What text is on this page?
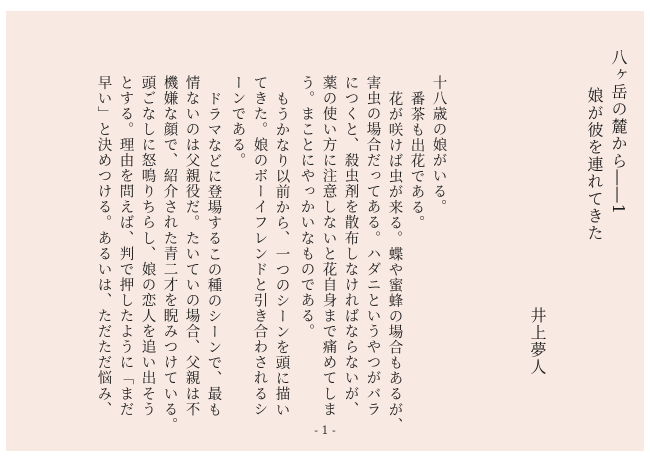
八ヶ岳の麓から――1
娘が彼を連れてきた
井上夢人
十八歳の娘がいる。
番茶も出花である。
花が咲けば虫が来る。蝶や蜜蜂の場合もあるが、
害虫の場合だってある。ハダニというやつがバラ
につくと、殺虫剤を散布しなければならないが、
薬の使い方に注意しないと花自身まで痛めてしま
う。まことにやっかいなものである。
もうかなり以前から、一つのシーンを頭に描い
てきた。娘のボーイフレンドと引き合わされるシ
ーンである。
ドラマなどに登場するこの種のシーンで、最も
情ないのは父親役だ。たいていの場合、父親は不
機嫌な顔で、紹介された青二才を睨みつけている。
頭ごなしに怒鳴りちらし、娘の恋人を追い出そう
とする。理由を問えば、判で押したように「まだ
早い」と決めつける。あるいは、ただただ悩み、
- 1 -
